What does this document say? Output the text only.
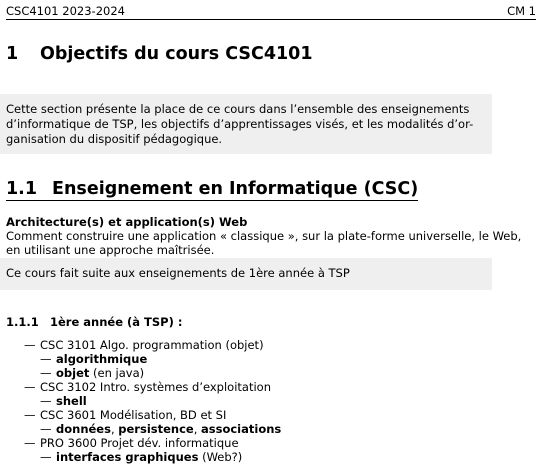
CSC4101 2023-2024	CM 1
1 Objectifs du cours CSC4101

Cette section présente la place de ce cours dans l’ensemble des enseignements
d’informatique de TSP, les objectifs d’apprentissages visés, et les modalités d’or-
ganisation du dispositif pédagogique.

1.1 Enseignement en Informatique (CSC)
Architecture(s) et application(s) Web
Comment construire une application « classique », sur la plate-forme universelle, le Web,
en utilisant une approche maîtrisée.

Ce cours fait suite aux enseignements de 1ère année à TSP

1.1.1 1ère année (à TSP) :
— CSC 3101 Algo. programmation (objet)
— algorithmique
— objet (en java)
— CSC 3102 Intro. systèmes d’exploitation
— shell
— CSC 3601 Modélisation, BD et SI
— données, persistence, associations
— PRO 3600 Projet dév. informatique
— interfaces graphiques (Web?)
